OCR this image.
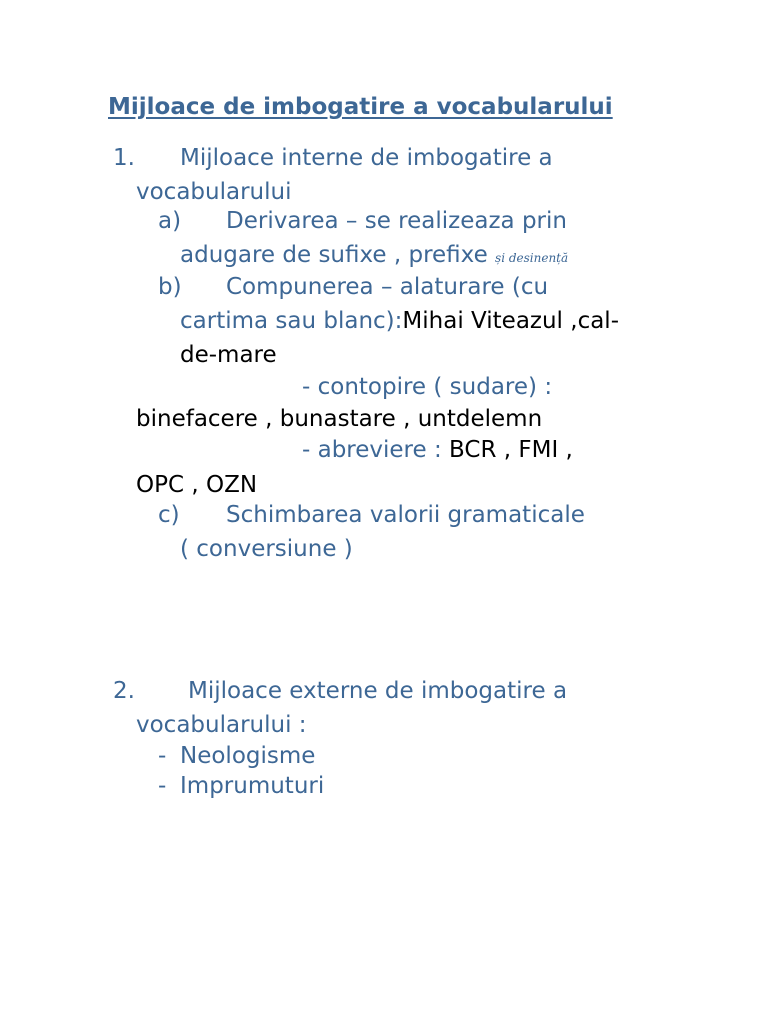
Mijloace de imbogatire a vocabularului
1. Mijloace interne de imbogatire a
vocabularului
a) Derivarea – se realizeaza prin
adugare de sufixe , prefixe și desinență
b) Compunerea – alaturare (cu
cartima sau blanc):Mihai Viteazul ,cal-
de-mare
- contopire ( sudare) :
binefacere , bunastare , untdelemn
- abreviere : BCR , FMI ,
OPC , OZN
c) Schimbarea valorii gramaticale
( conversiune )
2. Mijloace externe de imbogatire a
vocabularului :
- Neologisme
- Imprumuturi
